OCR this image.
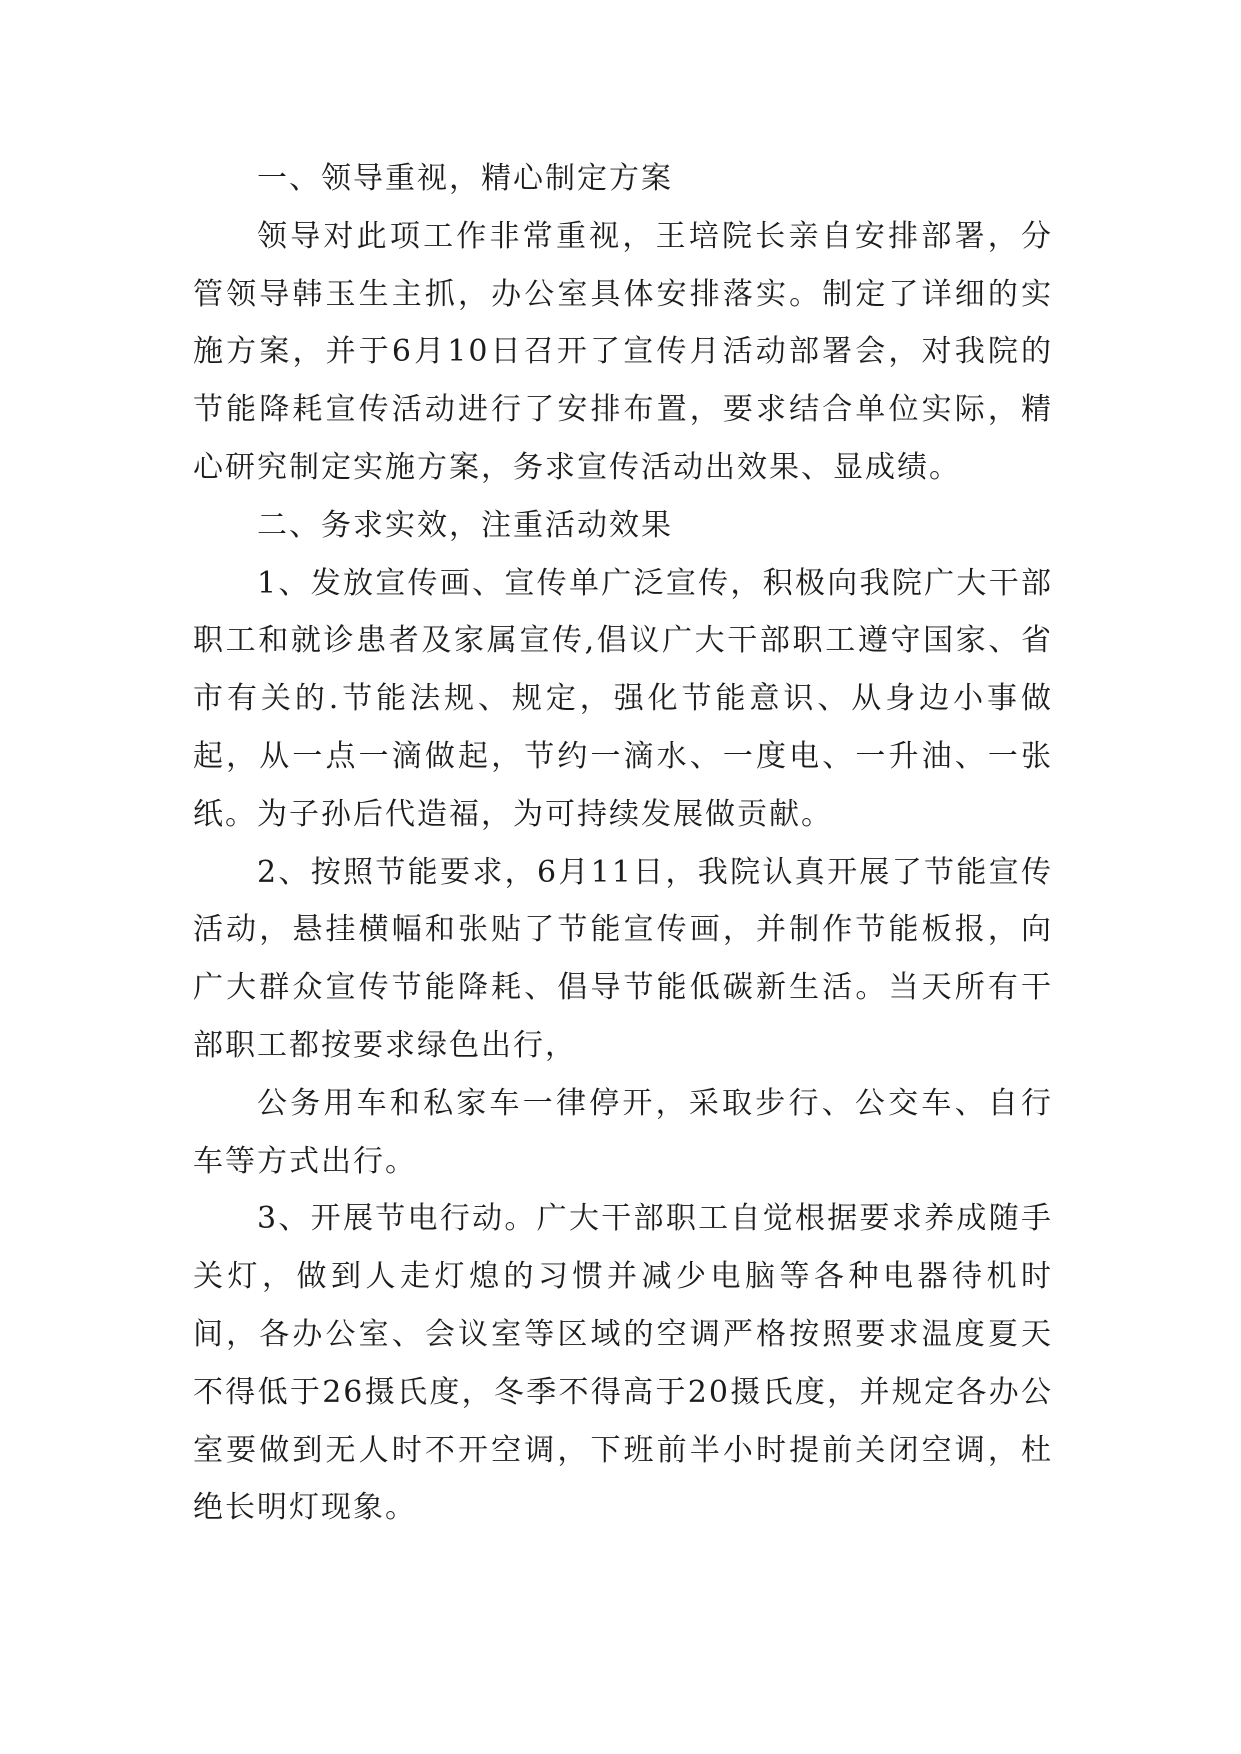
一、领导重视，精心制定方案

领导对此项工作非常重视，王培院长亲自安排部署，分管领导韩玉生主抓，办公室具体安排落实。制定了详细的实施方案，并于6月10日召开了宣传月活动部署会，对我院的节能降耗宣传活动进行了安排布置，要求结合单位实际，精心研究制定实施方案，务求宣传活动出效果、显成绩。

二、务求实效，注重活动效果

1、发放宣传画、宣传单广泛宣传，积极向我院广大干部职工和就诊患者及家属宣传,倡议广大干部职工遵守国家、省市有关的.节能法规、规定，强化节能意识、从身边小事做起，从一点一滴做起，节约一滴水、一度电、一升油、一张纸。为子孙后代造福，为可持续发展做贡献。

2、按照节能要求，6月11日，我院认真开展了节能宣传活动，悬挂横幅和张贴了节能宣传画，并制作节能板报，向广大群众宣传节能降耗、倡导节能低碳新生活。当天所有干部职工都按要求绿色出行，

公务用车和私家车一律停开，采取步行、公交车、自行车等方式出行。

3、开展节电行动。广大干部职工自觉根据要求养成随手关灯，做到人走灯熄的习惯并减少电脑等各种电器待机时间，各办公室、会议室等区域的空调严格按照要求温度夏天不得低于26摄氏度，冬季不得高于20摄氏度，并规定各办公室要做到无人时不开空调，下班前半小时提前关闭空调，杜绝长明灯现象。
